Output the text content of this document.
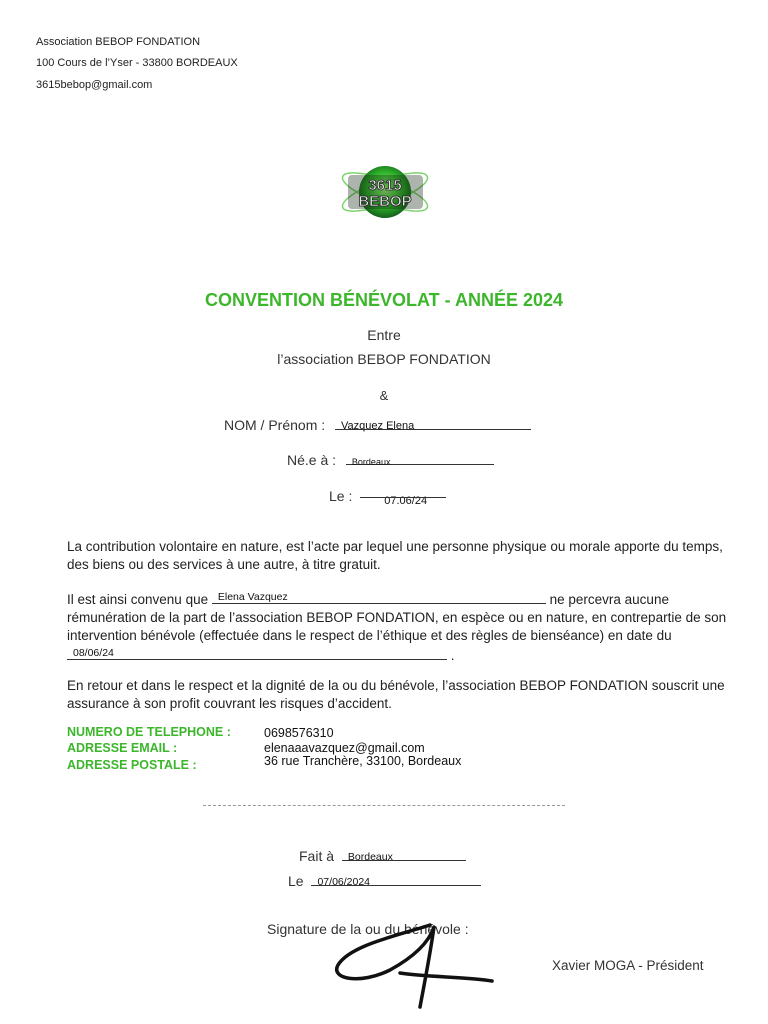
Association BEBOP FONDATION
100 Cours de l’Yser - 33800 BORDEAUX
3615bebop@gmail.com
3615
BEBOP
CONVENTION BÉNÉVOLAT - ANNÉE 2024
Entre
l’association BEBOP FONDATION
&
NOM / Prénom : Vazquez Elena
Né.e à : Bordeaux
Le :	07.06/24
La contribution volontaire en nature, est l’acte par lequel une personne physique ou morale apporte du temps, des biens ou des services à une autre, à titre gratuit.
Il est ainsi convenu que Elena Vazquez	ne percevra aucune rémunération de la part de l’association BEBOP FONDATION, en espèce ou en nature, en contrepartie de son intervention bénévole (effectuée dans le respect de l’éthique et des règles de bienséance) en date du
08/06/24	.
En retour et dans le respect et la dignité de la ou du bénévole, l’association BEBOP FONDATION souscrit une assurance à son profit couvrant les risques d’accident.
NUMERO DE TELEPHONE :	0698576310
ADRESSE EMAIL :	elenaaavazquez@gmail.com
ADRESSE POSTALE :	36 rue Tranchère, 33100, Bordeaux
Fait à Bordeaux
Le 07/06/2024
Signature de la ou du bénévole :
Xavier MOGA - Président
